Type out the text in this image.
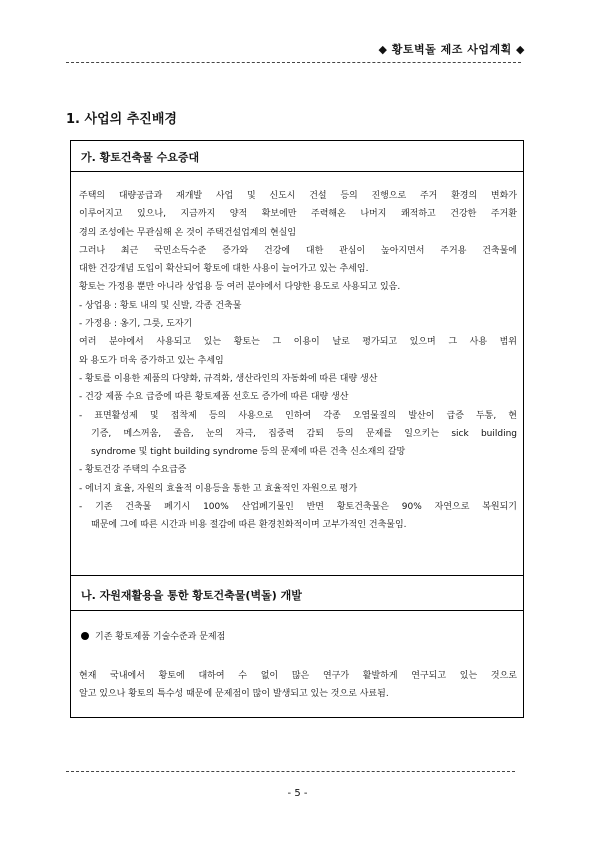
◆ 황토벽돌 제조 사업계획 ◆
1. 사업의 추진배경
가. 황토건축물 수요증대
주택의 대량공급과 재개발 사업 및 신도시 건설 등의 진행으로 주거 환경의 변화가
이루어지고 있으나, 지금까지 양적 확보에만 주력해온 나머지 쾌적하고 건강한 주거환
경의 조성에는 무관심해 온 것이 주택건설업계의 현실임
그러나 최근 국민소득수준 증가와 건강에 대한 관심이 높아지면서 주거용 건축물에
대한 건강개념 도입이 확산되어 황토에 대한 사용이 늘어가고 있는 추세임.
황토는 가정용 뿐만 아니라 상업용 등 여러 분야에서 다양한 용도로 사용되고 있음.
- 상업용 : 황토 내의 및 신발, 각종 건축물
- 가정용 : 옹기, 그릇, 도자기
여러 분야에서 사용되고 있는 황토는 그 이용이 날로 평가되고 있으며 그 사용 범위
와 용도가 더욱 증가하고 있는 추세임
- 황토를 이용한 제품의 다양화, 규격화, 생산라인의 자동화에 따른 대량 생산
- 건강 제품 수요 급증에 따른 황토제품 선호도 증가에 따른 대량 생산
- 표면활성제 및 접착제 등의 사용으로 인하여 각종 오염물질의 발산이 급증 두통, 현
기증, 메스꺼움, 졸음, 눈의 자극, 집중력 감퇴 등의 문제를 일으키는 sick building
syndrome 및 tight building syndrome 등의 문제에 따른 건축 신소재의 갈망
- 황토건강 주택의 수요급증
- 에너지 효율, 자원의 효율적 이용등을 통한 고 효율적인 자원으로 평가
- 기존 건축물 폐기시 100% 산업폐기물인 반면 황토건축물은 90% 자연으로 복원되기
때문에 그에 따른 시간과 비용 절감에 따른 환경친화적이며 고부가적인 건축물임.
나. 자원재활용을 통한 황토건축물(벽돌) 개발
기존 황토제품 기술수준과 문제점
현재 국내에서 황토에 대하여 수 없이 많은 연구가 활발하게 연구되고 있는 것으로
알고 있으나 황토의 특수성 때문에 문제점이 많이 발생되고 있는 것으로 사료됨.
- 5 -
